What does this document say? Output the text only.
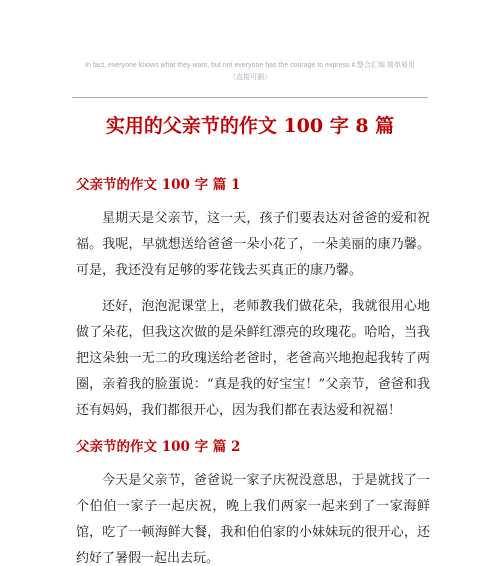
In fact, everyone knows what they want, but not everyone has the courage to express it.整合汇编 简单易用
（直接可删）
实用的父亲节的作文 100 字 8 篇
父亲节的作文 100 字 篇 1

星期天是父亲节，这一天，孩子们要表达对爸爸的爱和祝福。我呢，早就想送给爸爸一朵小花了，一朵美丽的康乃馨。可是，我还没有足够的零花钱去买真正的康乃馨。

还好，泡泡泥课堂上，老师教我们做花朵，我就很用心地做了朵花，但我这次做的是朵鲜红漂亮的玫瑰花。哈哈，当我把这朵独一无二的玫瑰送给老爸时，老爸高兴地抱起我转了两圈，亲着我的脸蛋说：“真是我的好宝宝！”父亲节，爸爸和我还有妈妈，我们都很开心，因为我们都在表达爱和祝福！

父亲节的作文 100 字 篇 2

今天是父亲节，爸爸说一家子庆祝没意思，于是就找了一个伯伯一家子一起庆祝，晚上我们两家一起来到了一家海鲜馆，吃了一顿海鲜大餐，我和伯伯家的小妹妹玩的很开心，还约好了暑假一起出去玩。
